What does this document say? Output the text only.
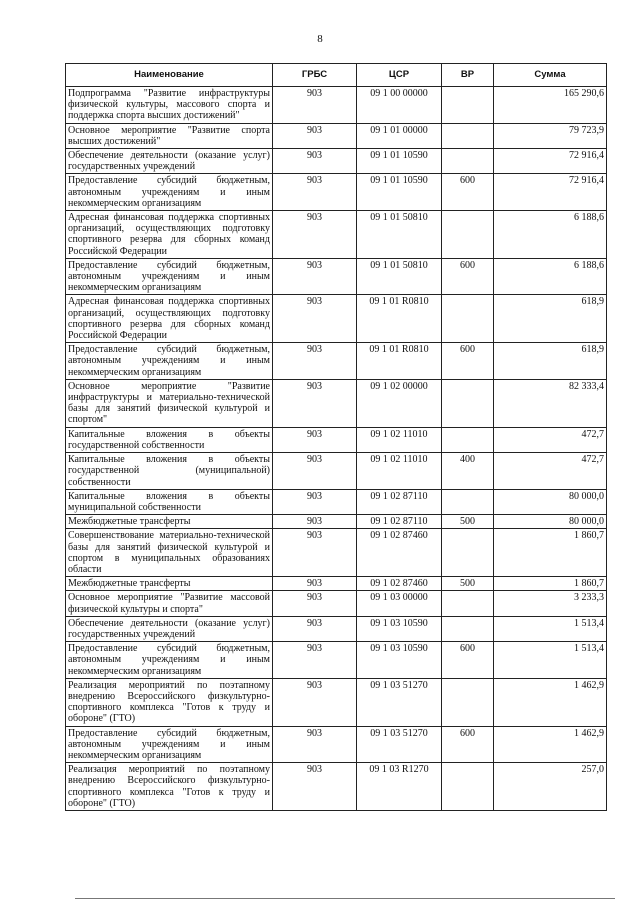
8
Наименование	ГРБС	ЦСР	ВР	Сумма
Подпрограмма "Развитие инфраструктуры физической культуры, массового спорта и поддержка спорта высших достижений"	903	09 1 00 00000		165 290,6
Основное мероприятие "Развитие спорта высших достижений"	903	09 1 01 00000		79 723,9
Обеспечение деятельности (оказание услуг) государственных учреждений	903	09 1 01 10590		72 916,4
Предоставление субсидий бюджетным, автономным учреждениям и иным некоммерческим организациям	903	09 1 01 10590	600	72 916,4
Адресная финансовая поддержка спортивных организаций, осуществляющих подготовку спортивного резерва для сборных команд Российской Федерации	903	09 1 01 50810		6 188,6
Предоставление субсидий бюджетным, автономным учреждениям и иным некоммерческим организациям	903	09 1 01 50810	600	6 188,6
Адресная финансовая поддержка спортивных организаций, осуществляющих подготовку спортивного резерва для сборных команд Российской Федерации	903	09 1 01 R0810		618,9
Предоставление субсидий бюджетным, автономным учреждениям и иным некоммерческим организациям	903	09 1 01 R0810	600	618,9
Основное мероприятие "Развитие инфраструктуры и материально-технической базы для занятий физической культурой и спортом"	903	09 1 02 00000		82 333,4
Капитальные вложения в объекты государственной собственности	903	09 1 02 11010		472,7
Капитальные вложения в объекты государственной (муниципальной) собственности	903	09 1 02 11010	400	472,7
Капитальные вложения в объекты муниципальной собственности	903	09 1 02 87110		80 000,0
Межбюджетные трансферты	903	09 1 02 87110	500	80 000,0
Совершенствование материально-технической базы для занятий физической культурой и спортом в муниципальных образованиях области	903	09 1 02 87460		1 860,7
Межбюджетные трансферты	903	09 1 02 87460	500	1 860,7
Основное мероприятие "Развитие массовой физической культуры и спорта"	903	09 1 03 00000		3 233,3
Обеспечение деятельности (оказание услуг) государственных учреждений	903	09 1 03 10590		1 513,4
Предоставление субсидий бюджетным, автономным учреждениям и иным некоммерческим организациям	903	09 1 03 10590	600	1 513,4
Реализация мероприятий по поэтапному внедрению Всероссийского физкультурно-спортивного комплекса "Готов к труду и обороне" (ГТО)	903	09 1 03 51270		1 462,9
Предоставление субсидий бюджетным, автономным учреждениям и иным некоммерческим организациям	903	09 1 03 51270	600	1 462,9
Реализация мероприятий по поэтапному внедрению Всероссийского физкультурно-спортивного комплекса "Готов к труду и обороне" (ГТО)	903	09 1 03 R1270		257,0
